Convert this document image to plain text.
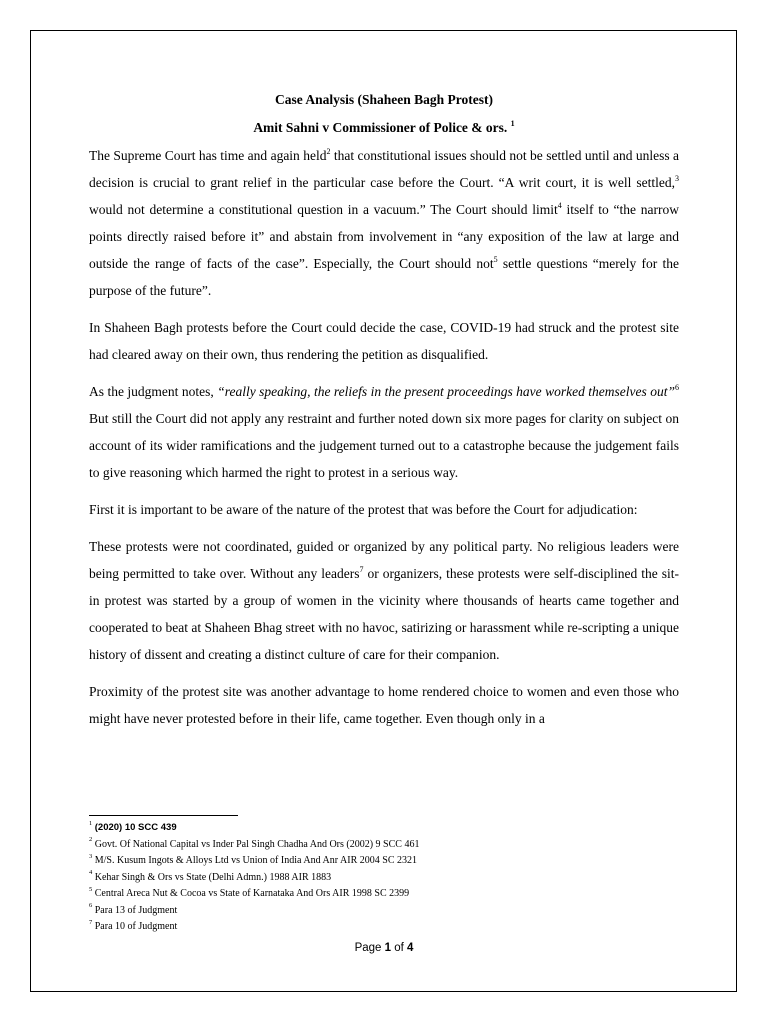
Case Analysis (Shaheen Bagh Protest)
Amit Sahni v Commissioner of Police & ors. $^1$

The Supreme Court has time and again held$^2$ that constitutional issues should not be settled until and unless a decision is crucial to grant relief in the particular case before the Court. “A writ court, it is well settled,$^3$ would not determine a constitutional question in a vacuum.” The Court should limit$^4$ itself to “the narrow points directly raised before it” and abstain from involvement in “any exposition of the law at large and outside the range of facts of the case”. Especially, the Court should not$^5$ settle questions “merely for the purpose of the future”.

In Shaheen Bagh protests before the Court could decide the case, COVID-19 had struck and the protest site had cleared away on their own, thus rendering the petition as disqualified.

As the judgment notes, “really speaking, the reliefs in the present proceedings have worked themselves out”$^6$ But still the Court did not apply any restraint and further noted down six more pages for clarity on subject on account of its wider ramifications and the judgement turned out to a catastrophe because the judgement fails to give reasoning which harmed the right to protest in a serious way.

First it is important to be aware of the nature of the protest that was before the Court for adjudication:

These protests were not coordinated, guided or organized by any political party. No religious leaders were being permitted to take over. Without any leaders$^7$ or organizers, these protests were self-disciplined the sit-in protest was started by a group of women in the vicinity where thousands of hearts came together and cooperated to beat at Shaheen Bhag street with no havoc, satirizing or harassment while re-scripting a unique history of dissent and creating a distinct culture of care for their companion.

Proximity of the protest site was another advantage to home rendered choice to women and even those who might have never protested before in their life, came together. Even though only in a

$^1$ (2020) 10 SCC 439
$^2$ Govt. Of National Capital vs Inder Pal Singh Chadha And Ors (2002) 9 SCC 461
$^3$ M/S. Kusum Ingots & Alloys Ltd vs Union of India And Anr AIR 2004 SC 2321
$^4$ Kehar Singh & Ors vs State (Delhi Admn.) 1988 AIR 1883
$^5$ Central Areca Nut & Cocoa vs State of Karnataka And Ors AIR 1998 SC 2399
$^6$ Para 13 of Judgment
$^7$ Para 10 of Judgment
Page 1 of 4
